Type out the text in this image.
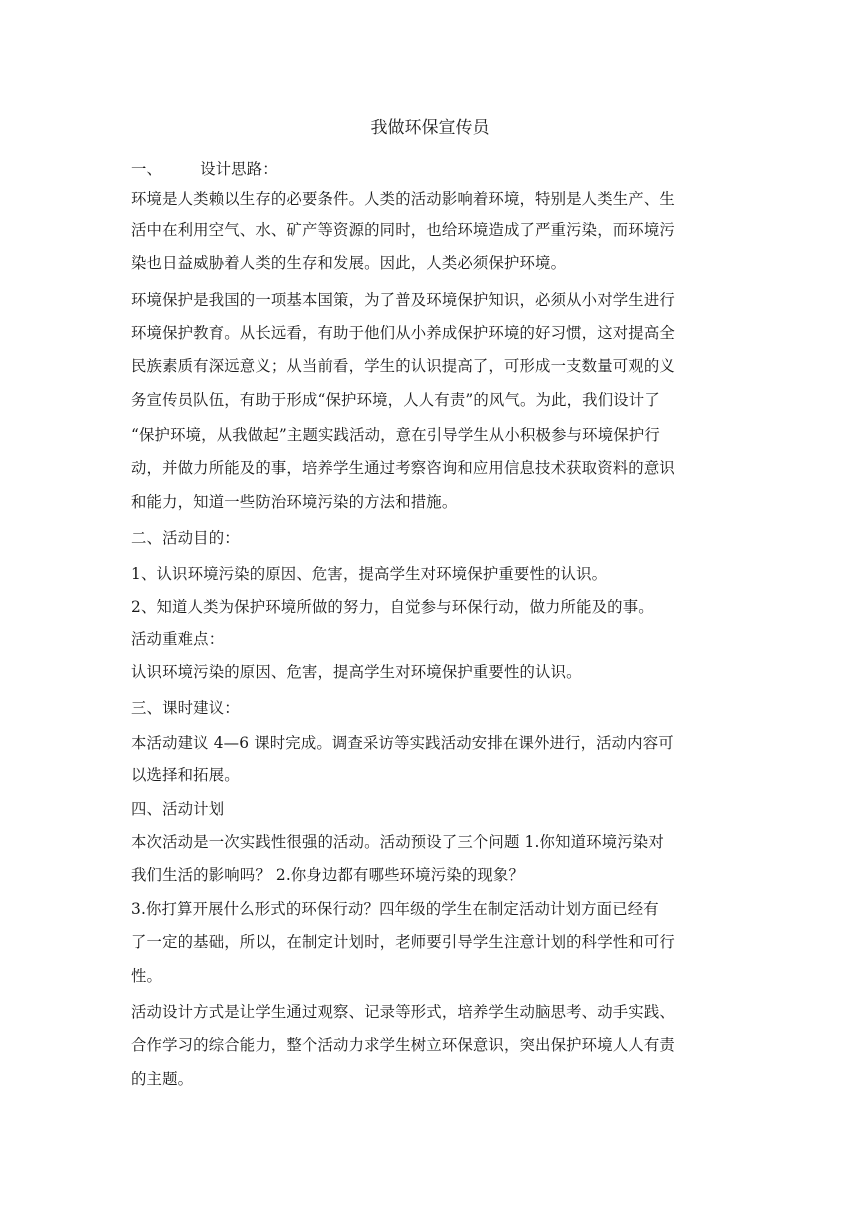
我做环保宣传员
一、 设计思路：
环境是人类赖以生存的必要条件。人类的活动影响着环境，特别是人类生产、生
活中在利用空气、水、矿产等资源的同时，也给环境造成了严重污染，而环境污
染也日益威胁着人类的生存和发展。因此，人类必须保护环境。
环境保护是我国的一项基本国策，为了普及环境保护知识，必须从小对学生进行
环境保护教育。从长远看，有助于他们从小养成保护环境的好习惯，这对提高全
民族素质有深远意义；从当前看，学生的认识提高了，可形成一支数量可观的义
务宣传员队伍，有助于形成“保护环境，人人有责”的风气。为此，我们设计了
“保护环境，从我做起”主题实践活动，意在引导学生从小积极参与环境保护行
动，并做力所能及的事，培养学生通过考察咨询和应用信息技术获取资料的意识
和能力，知道一些防治环境污染的方法和措施。
二、活动目的：
1、认识环境污染的原因、危害，提高学生对环境保护重要性的认识。
2、知道人类为保护环境所做的努力，自觉参与环保行动，做力所能及的事。
活动重难点：
认识环境污染的原因、危害，提高学生对环境保护重要性的认识。
三、课时建议：
本活动建议 4—6 课时完成。调查采访等实践活动安排在课外进行，活动内容可
以选择和拓展。
四、活动计划
本次活动是一次实践性很强的活动。活动预设了三个问题 1.你知道环境污染对
我们生活的影响吗？ 2.你身边都有哪些环境污染的现象？
3.你打算开展什么形式的环保行动？四年级的学生在制定活动计划方面已经有
了一定的基础，所以，在制定计划时，老师要引导学生注意计划的科学性和可行
性。
活动设计方式是让学生通过观察、记录等形式，培养学生动脑思考、动手实践、
合作学习的综合能力，整个活动力求学生树立环保意识，突出保护环境人人有责
的主题。
